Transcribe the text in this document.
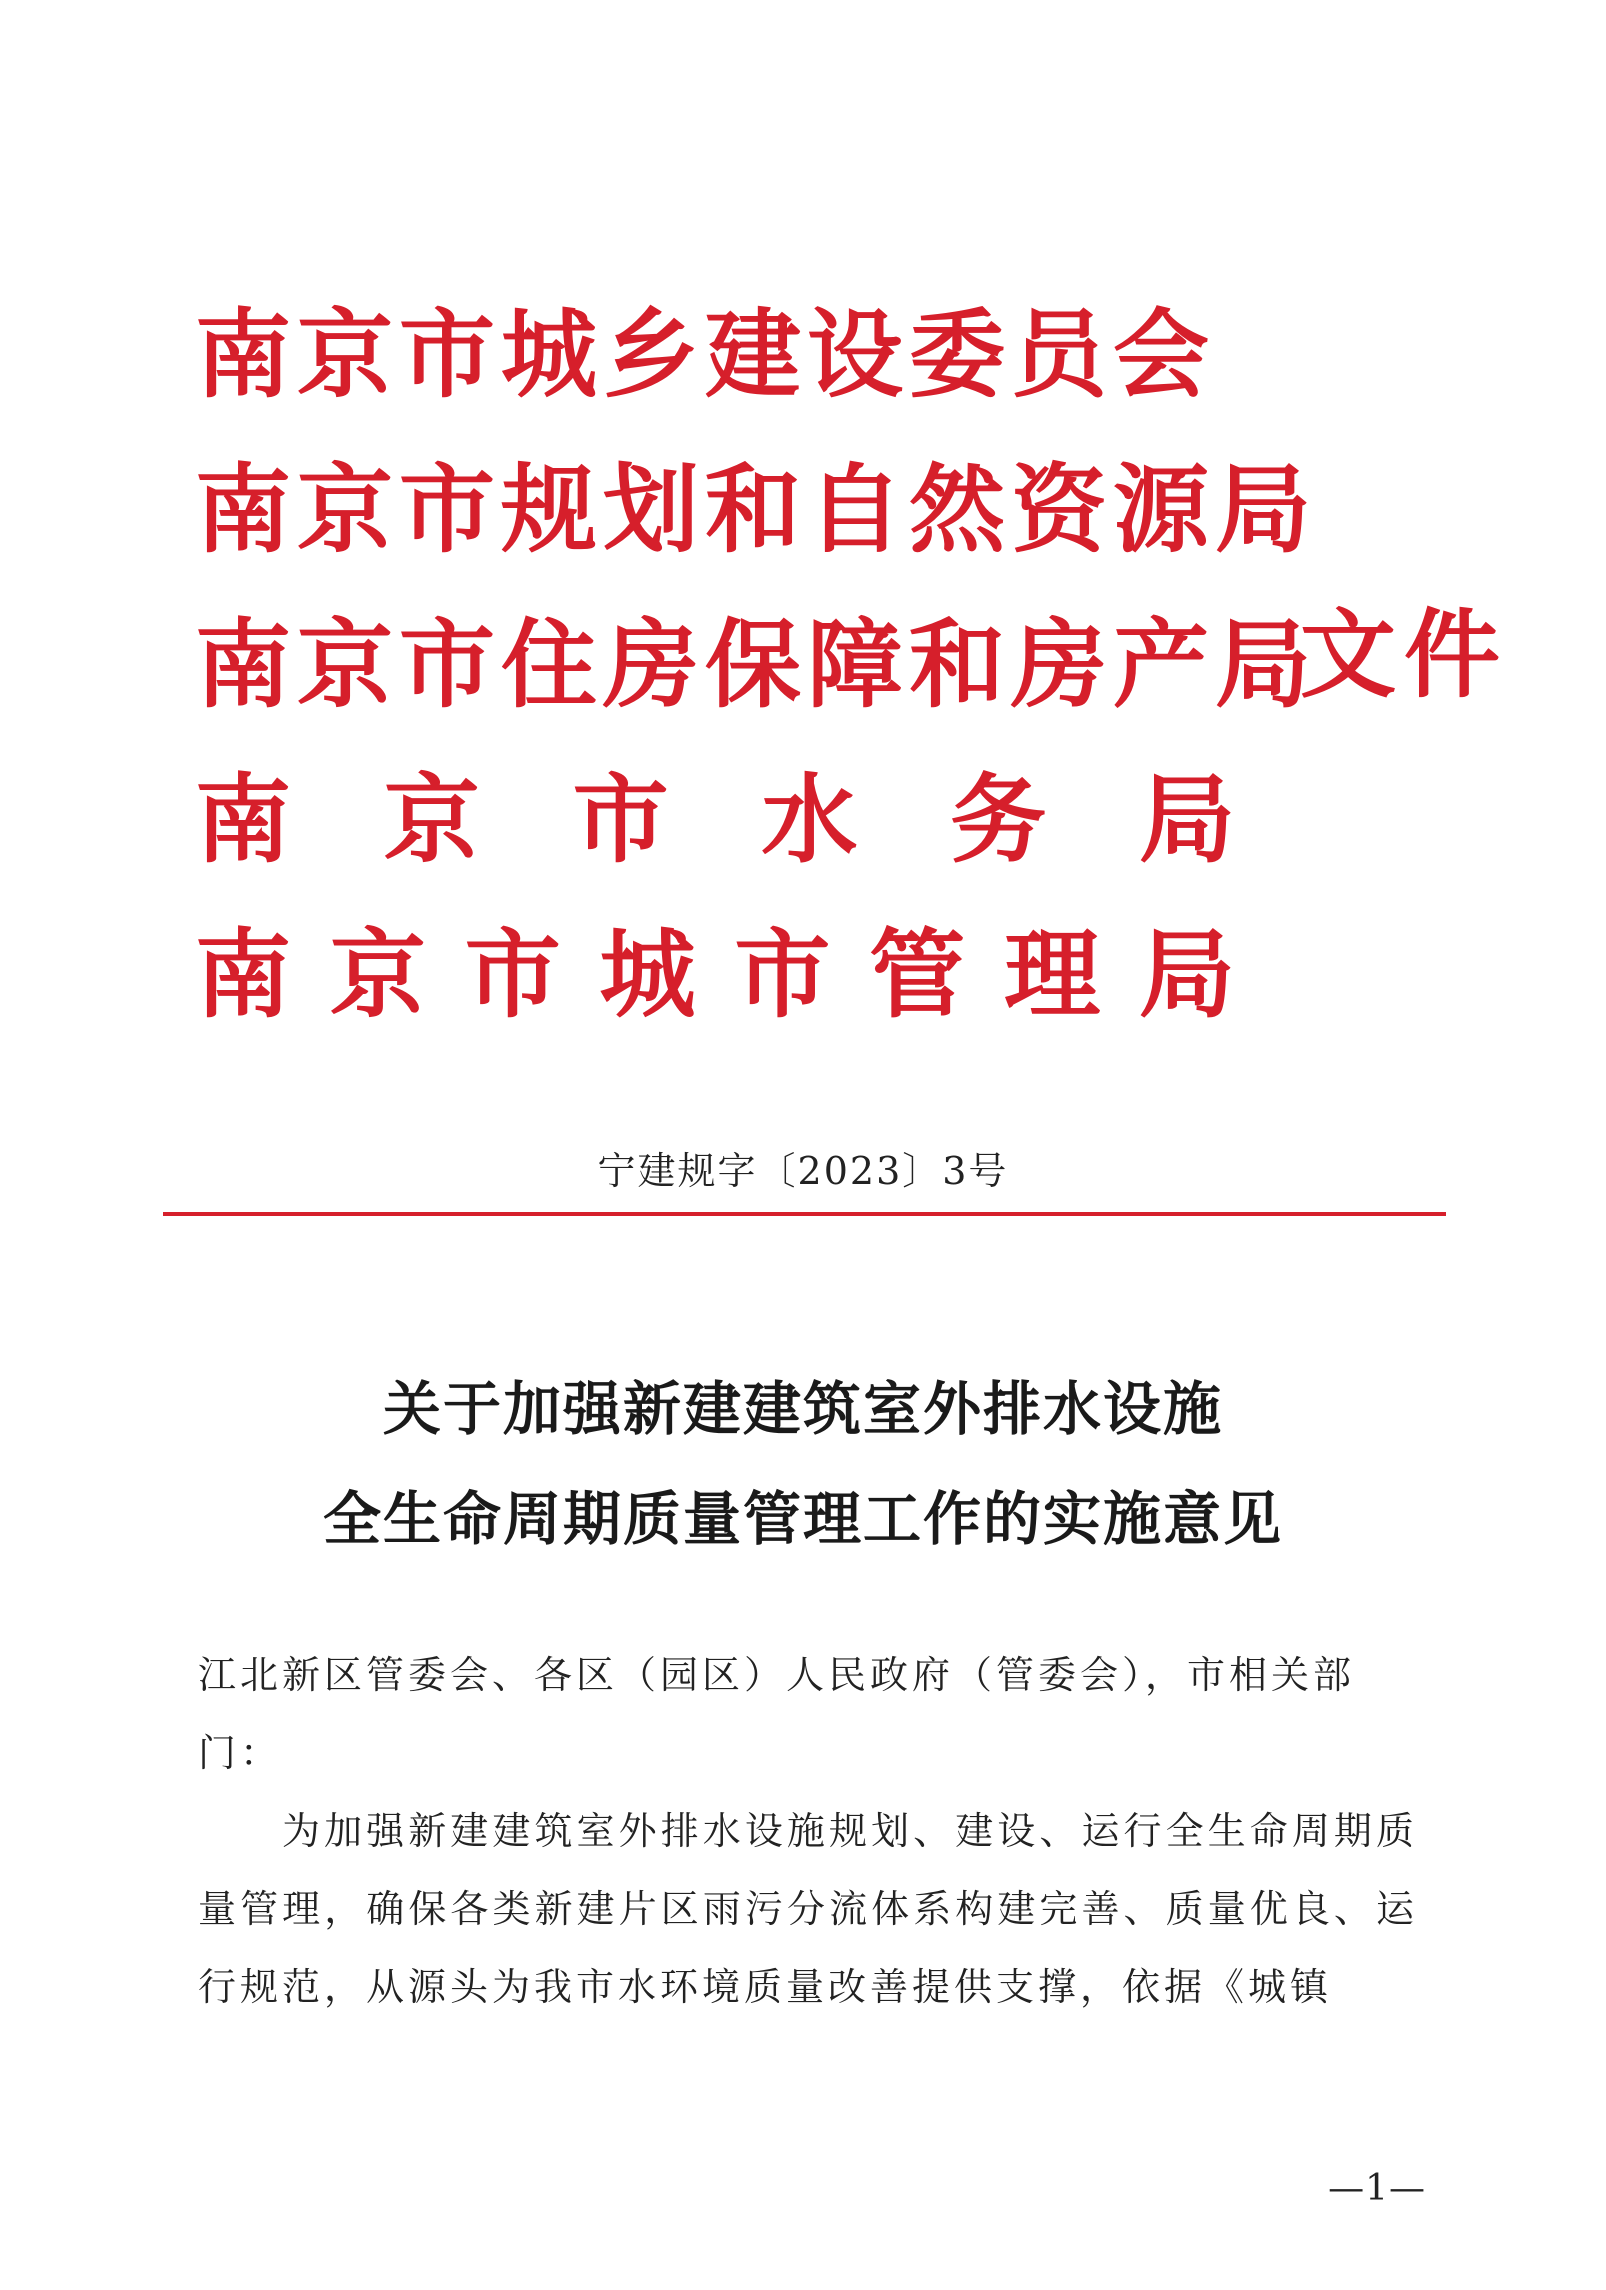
南京市城乡建设委员会
南京市规划和自然资源局
南京市住房保障和房产局
南 京 市 水 务 局
南 京 市 城 市 管 理 局
文件
宁建规字〔2023〕3号
关于加强新建建筑室外排水设施
全生命周期质量管理工作的实施意见
江北新区管委会、各区（园区）人民政府（管委会），市相关部门：
为加强新建建筑室外排水设施规划、建设、运行全生命周期质量管理，确保各类新建片区雨污分流体系构建完善、质量优良、运行规范，从源头为我市水环境质量改善提供支撑，依据《城镇
—1—
